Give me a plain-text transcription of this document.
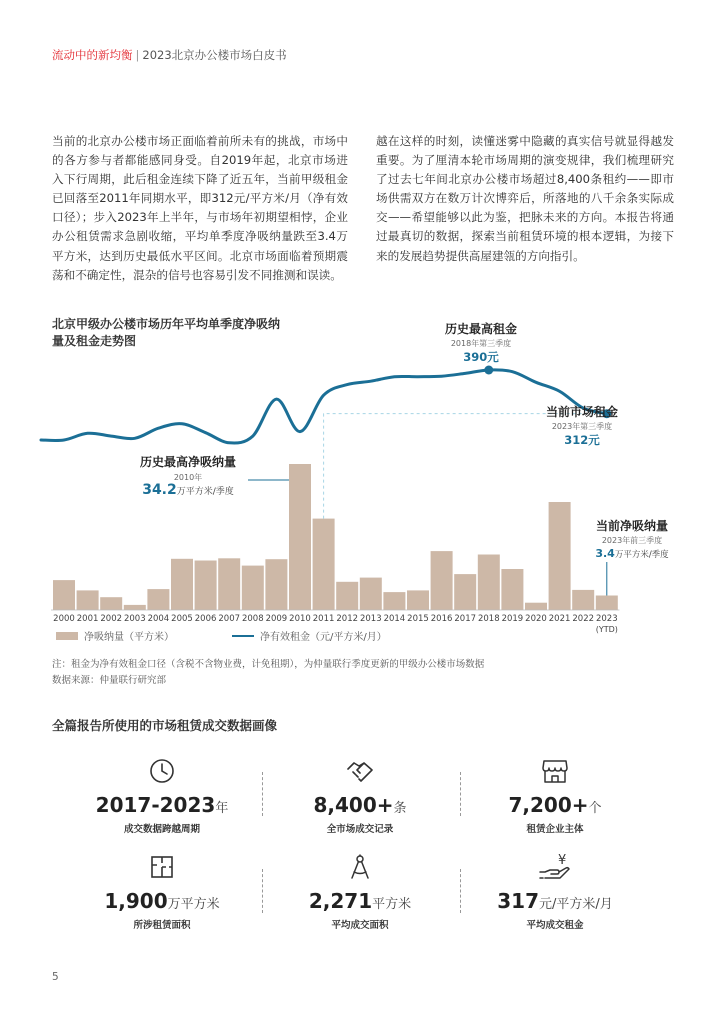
流动中的新均衡 | 2023北京办公楼市场白皮书
当前的北京办公楼市场正面临着前所未有的挑战，市场中的各方参与者都能感同身受。自2019年起，北京市场进入下行周期，此后租金连续下降了近五年，当前甲级租金已回落至2011年同期水平，即312元/平方米/月（净有效口径）；步入2023年上半年，与市场年初期望相悖，企业办公租赁需求急剧收缩，平均单季度净吸纳量跌至3.4万平方米，达到历史最低水平区间。北京市场面临着预期震荡和不确定性，混杂的信号也容易引发不同推测和误读。
越在这样的时刻，读懂迷雾中隐藏的真实信号就显得越发重要。为了厘清本轮市场周期的演变规律，我们梳理研究了过去七年间北京办公楼市场超过8,400条租约——即市场供需双方在数万计次博弈后，所落地的八千余条实际成交——希望能够以此为鉴，把脉未来的方向。本报告将通过最真切的数据，探索当前租赁环境的根本逻辑，为接下来的发展趋势提供高屋建瓴的方向指引。
北京甲级办公楼市场历年平均单季度净吸纳量及租金走势图
2000 2001 2002 2003 2004 2005 2006 2007 2008 2009 2010 2011 2012 2013 2014 2015 2016 2017 2018 2019 2020 2021 2022 2023
(YTD)
历史最高租金
2018年第三季度
390元
当前市场租金
2023年第三季度
312元
历史最高净吸纳量
2010年
34.2万平方米/季度
当前净吸纳量
2023年前三季度
3.4万平方米/季度
净吸纳量（平方米）	净有效租金（元/平方米/月）
注：租金为净有效租金口径（含税不含物业费，计免租期），为仲量联行季度更新的甲级办公楼市场数据
数据来源：仲量联行研究部
全篇报告所使用的市场租赁成交数据画像
2017-2023年
成交数据跨越周期
8,400+条
全市场成交记录
7,200+个
租赁企业主体
1,900万平方米
所涉租赁面积
2,271平方米
平均成交面积
¥
317元/平方米/月
平均成交租金
5
